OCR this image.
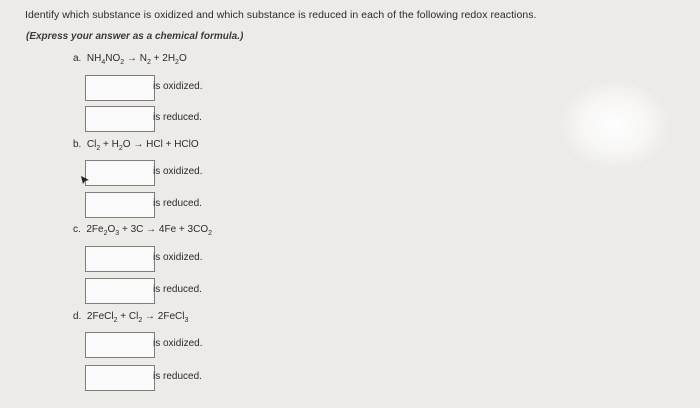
Identify which substance is oxidized and which substance is reduced in each of the following redox reactions.
(Express your answer as a chemical formula.)
a.  $NH_4NO_2 \to N_2 + 2H_2O$
is oxidized.
is reduced.
b.  $Cl_2 + H_2O$ → HCl + HClO
is oxidized.
is reduced.
c.  $2Fe_2O_3 + 3C \to 4Fe + 3CO_2$
is oxidized.
is reduced.
d.  2FeCl$_2$ + $Cl_2$ → 2FeCl$_3$
is oxidized.
is reduced.
